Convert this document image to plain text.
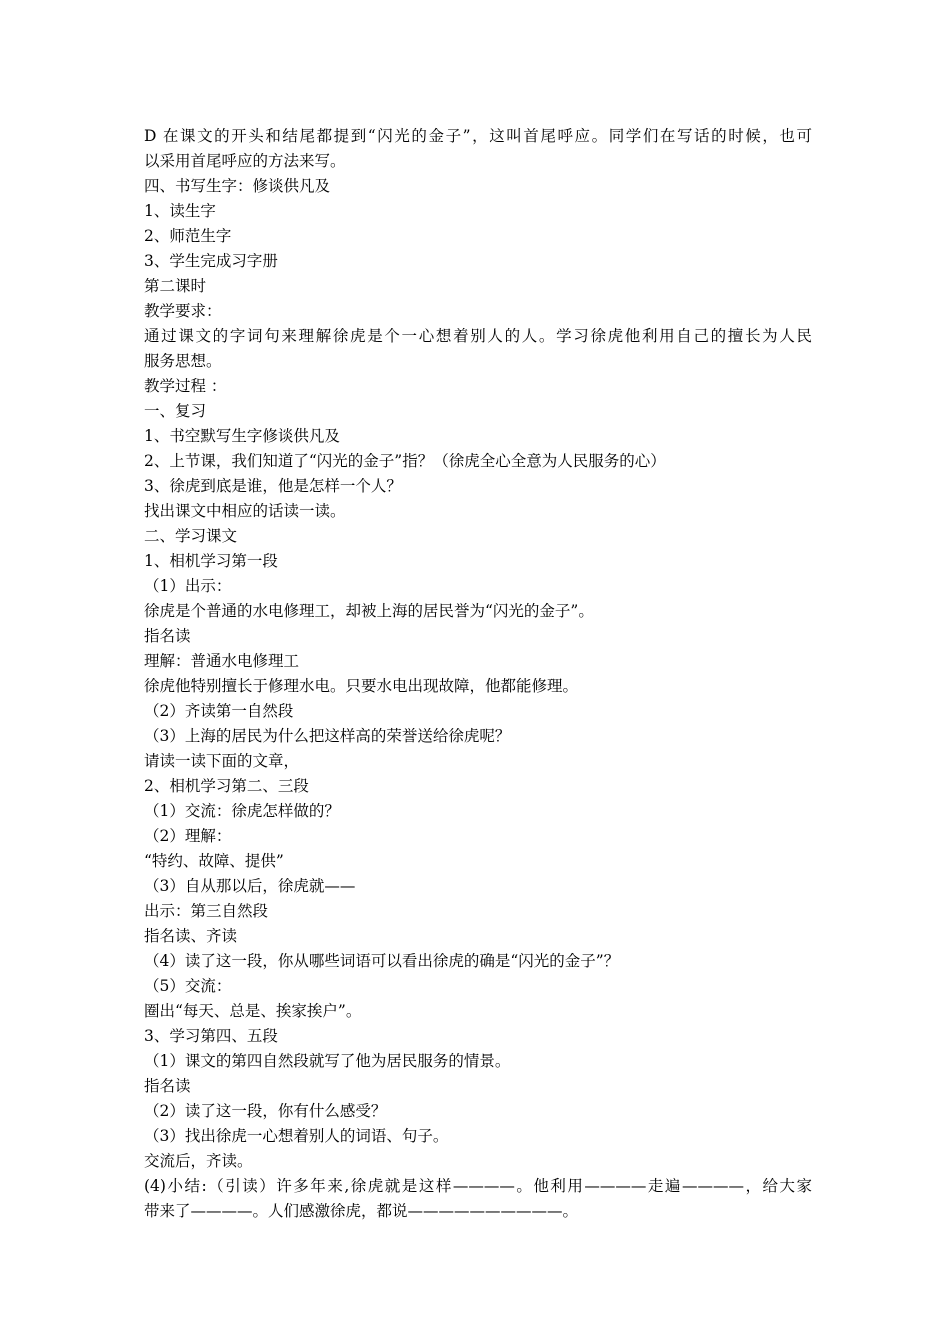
D 在课文的开头和结尾都提到“闪光的金子”，这叫首尾呼应。同学们在写话的时候，也可
以采用首尾呼应的方法来写。
四、书写生字：修谈供凡及
1、读生字
2、师范生字
3、学生完成习字册
第二课时
教学要求：
通过课文的字词句来理解徐虎是个一心想着别人的人。学习徐虎他利用自己的擅长为人民
服务思想。
教学过程 ：
一、复习
1、书空默写生字修谈供凡及
2、上节课，我们知道了“闪光的金子”指？（徐虎全心全意为人民服务的心）
3、徐虎到底是谁，他是怎样一个人？
找出课文中相应的话读一读。
二、学习课文
1、相机学习第一段
（1）出示：
徐虎是个普通的水电修理工，却被上海的居民誉为“闪光的金子”。
指名读
理解：普通水电修理工
徐虎他特别擅长于修理水电。只要水电出现故障，他都能修理。
（2）齐读第一自然段
（3）上海的居民为什么把这样高的荣誉送给徐虎呢？
请读一读下面的文章，
2、相机学习第二、三段
（1）交流：徐虎怎样做的？
（2）理解：
“特约、故障、提供”
（3）自从那以后，徐虎就——
出示：第三自然段
指名读、齐读
（4）读了这一段，你从哪些词语可以看出徐虎的确是“闪光的金子”？
（5）交流：
圈出“每天、总是、挨家挨户”。
3、学习第四、五段
（1）课文的第四自然段就写了他为居民服务的情景。
指名读
（2）读了这一段，你有什么感受？
（3）找出徐虎一心想着别人的词语、句子。
交流后，齐读。
(4)小结:（引读）许多年来,徐虎就是这样————。他利用————走遍————，给大家
带来了————。人们感激徐虎，都说——————————。
